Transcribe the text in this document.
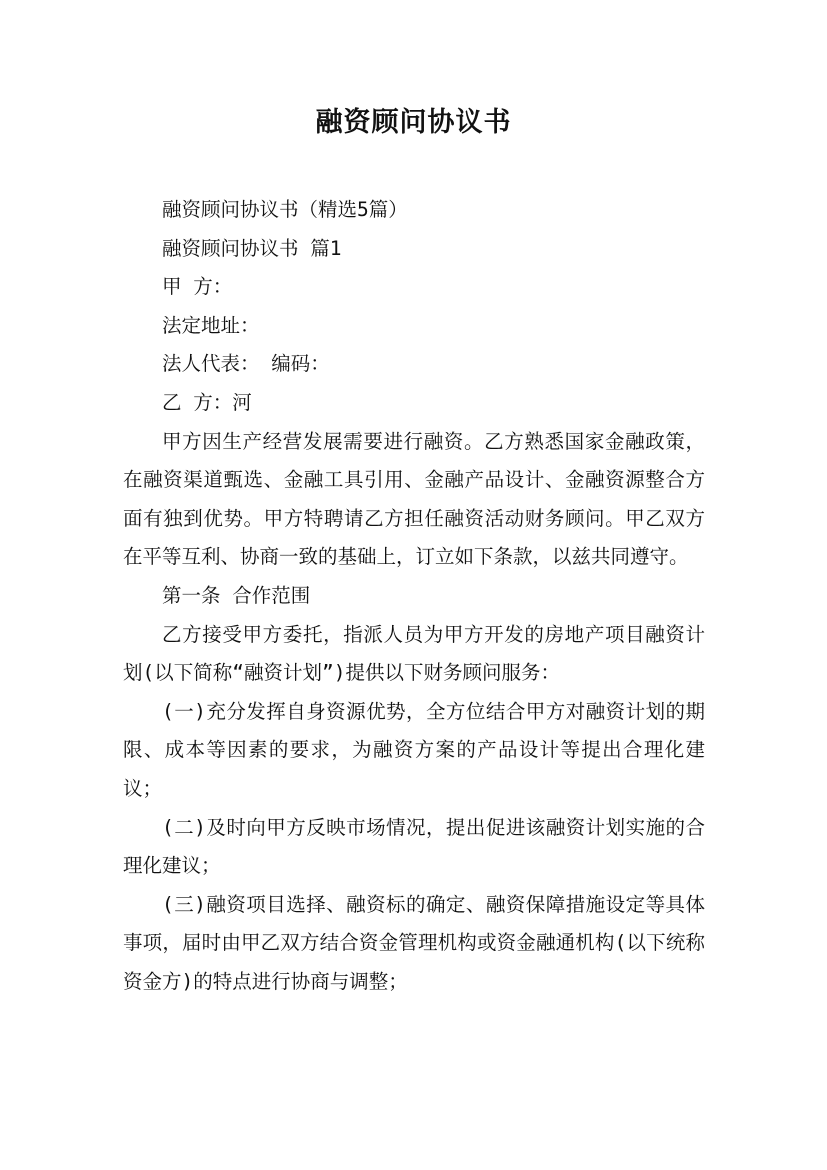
融资顾问协议书

融资顾问协议书（精选5篇）

融资顾问协议书 篇1

甲 方：

法定地址：

法人代表： 编码：

乙 方：河

甲方因生产经营发展需要进行融资。乙方熟悉国家金融政策，在融资渠道甄选、金融工具引用、金融产品设计、金融资源整合方面有独到优势。甲方特聘请乙方担任融资活动财务顾问。甲乙双方在平等互利、协商一致的基础上，订立如下条款，以兹共同遵守。

第一条 合作范围

乙方接受甲方委托，指派人员为甲方开发的房地产项目融资计划(以下简称“融资计划”)提供以下财务顾问服务：

(一)充分发挥自身资源优势，全方位结合甲方对融资计划的期限、成本等因素的要求，为融资方案的产品设计等提出合理化建议；

(二)及时向甲方反映市场情况，提出促进该融资计划实施的合理化建议；

(三)融资项目选择、融资标的确定、融资保障措施设定等具体事项，届时由甲乙双方结合资金管理机构或资金融通机构(以下统称资金方)的特点进行协商与调整；
